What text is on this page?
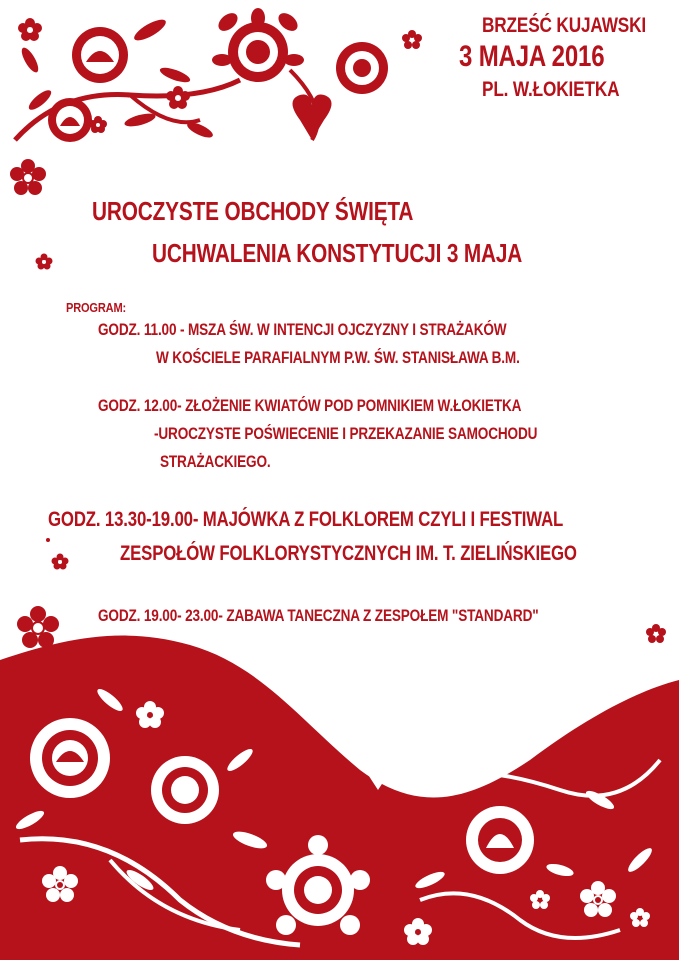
BRZEŚĆ KUJAWSKI
3 MAJA 2016
PL. W.ŁOKIETKA
UROCZYSTE OBCHODY ŚWIĘTA
UCHWALENIA KONSTYTUCJI 3 MAJA
PROGRAM:
GODZ. 11.00 - MSZA ŚW. W INTENCJI OJCZYZNY I STRAŻAKÓW
W KOŚCIELE PARAFIALNYM P.W. ŚW. STANISŁAWA B.M.
GODZ. 12.00- ZŁOŻENIE KWIATÓW POD POMNIKIEM W.ŁOKIETKA
-UROCZYSTE POŚWIECENIE I PRZEKAZANIE SAMOCHODU
STRAŻACKIEGO.
GODZ. 13.30-19.00- MAJÓWKA Z FOLKLOREM CZYLI I FESTIWAL
ZESPOŁÓW FOLKLORYSTYCZNYCH IM. T. ZIELIŃSKIEGO
GODZ. 19.00- 23.00- ZABAWA TANECZNA Z ZESPOŁEM "STANDARD"
